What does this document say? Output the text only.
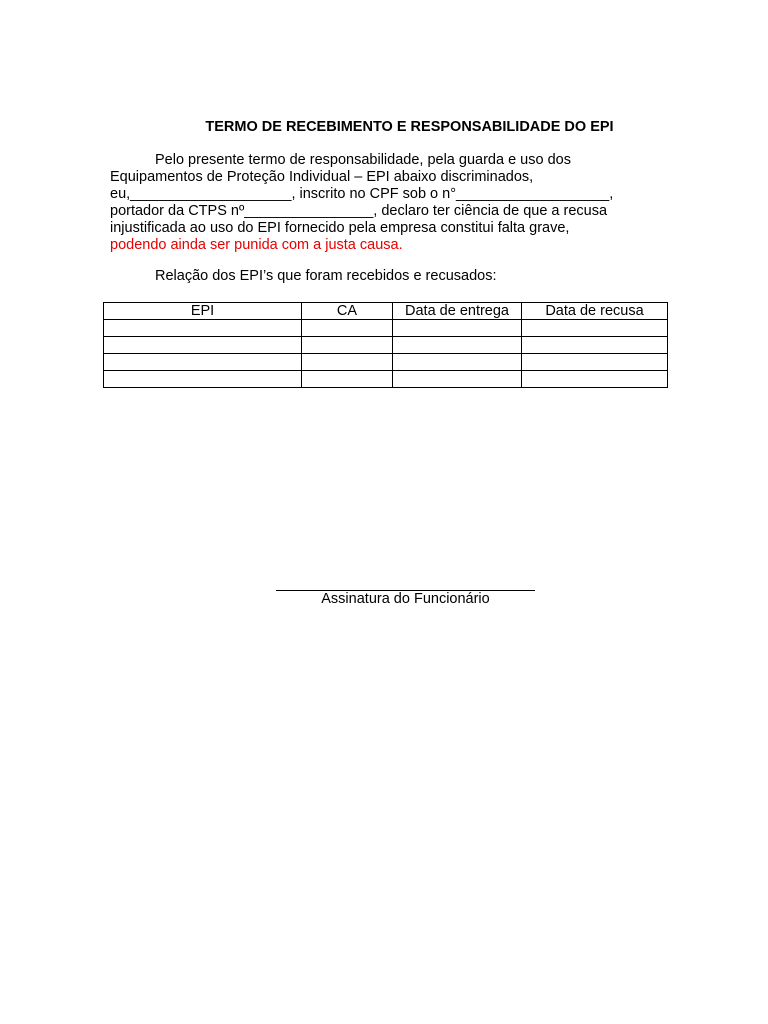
TERMO DE RECEBIMENTO E RESPONSABILIDADE DO EPI

Pelo presente termo de responsabilidade, pela guarda e uso dos

Equipamentos de Proteção Individual – EPI abaixo discriminados,

eu,____________________, inscrito no CPF sob o n°___________________,

portador da CTPS nº________________, declaro ter ciência de que a recusa

injustificada ao uso do EPI fornecido pela empresa constitui falta grave,

podendo ainda ser punida com a justa causa.

Relação dos EPI’s que foram recebidos e recusados:
EPI	CA	Data de entrega	Data de recusa

Assinatura do Funcionário
